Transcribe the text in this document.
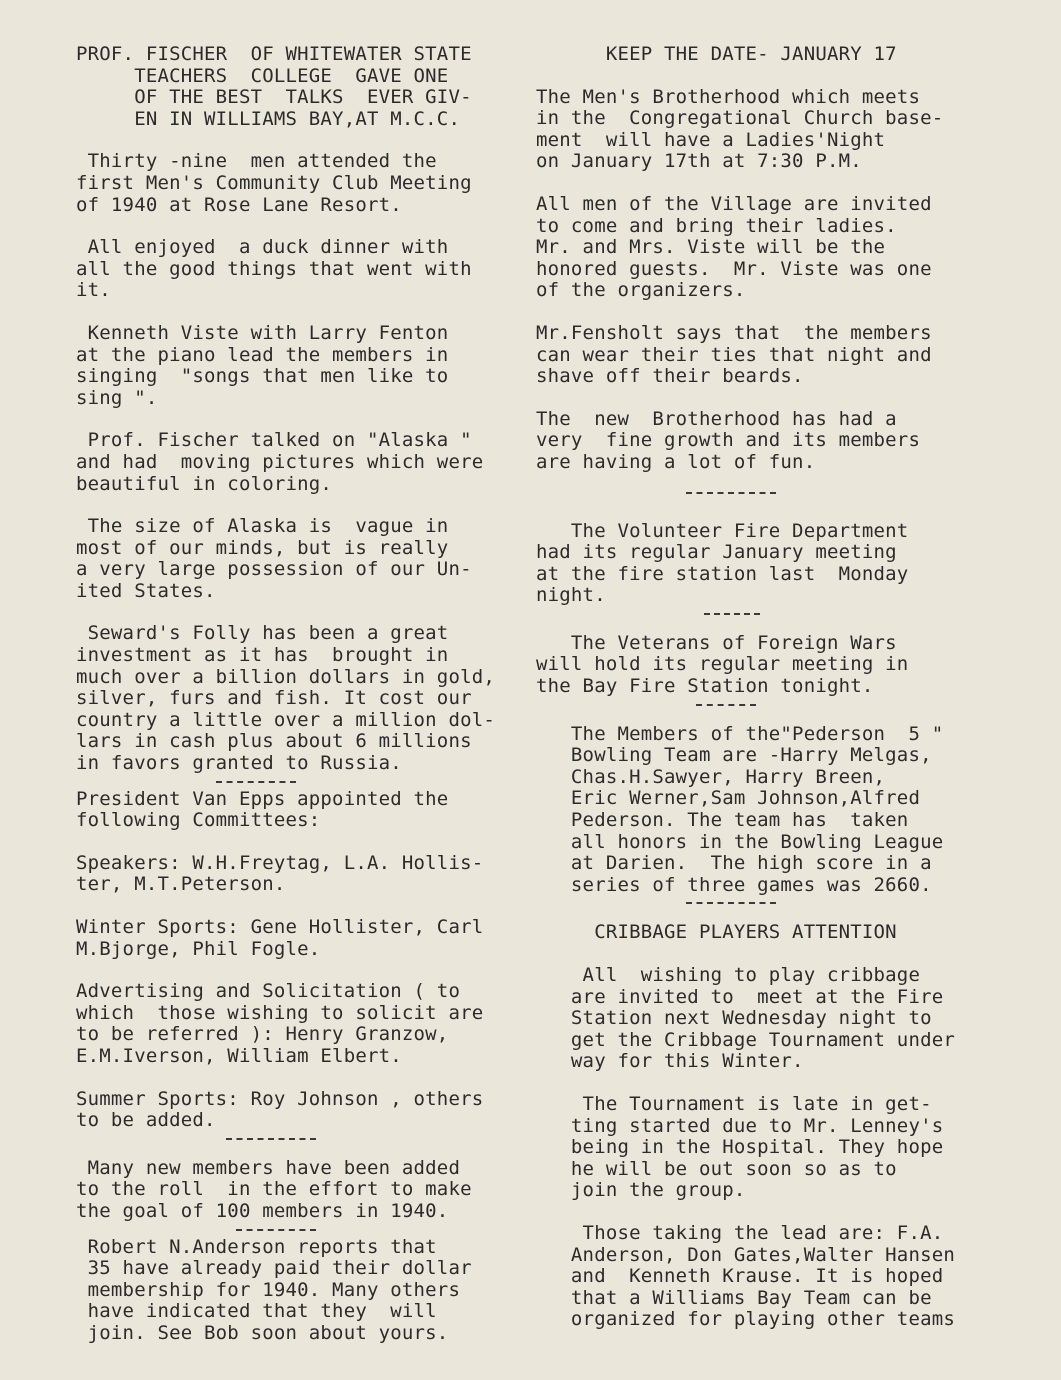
PROF. FISCHER  OF WHITEWATER STATE

TEACHERS  COLLEGE  GAVE ONE

OF THE BEST  TALKS  EVER GIV-

EN IN WILLIAMS BAY,AT M.C.C.

Thirty -nine  men attended the

first Men's Community Club Meeting

of 1940 at Rose Lane Resort.

All enjoyed  a duck dinner with

all the good things that went with

it.

Kenneth Viste with Larry Fenton

at the piano lead the members in

singing  "songs that men like to

sing ".

Prof. Fischer talked on "Alaska "

and had  moving pictures which were

beautiful in coloring.

The size of Alaska is  vague in

most of our minds, but is really

a very large possession of our Un-

ited States.

Seward's Folly has been a great

investment as it has  brought in

much over a billion dollars in gold,

silver, furs and fish. It cost our

country a little over a million dol-

lars in cash plus about 6 millions

in favors granted to Russia.

President Van Epps appointed the

following Committees:

Speakers: W.H.Freytag, L.A. Hollis-

ter, M.T.Peterson.

Winter Sports: Gene Hollister, Carl

M.Bjorge, Phil Fogle.

Advertising and Solicitation ( to

which  those wishing to solicit are

to be referred ): Henry Granzow,

E.M.Iverson, William Elbert.

Summer Sports: Roy Johnson , others

to be added.

Many new members have been added

to the roll  in the effort to make

the goal of 100 members in 1940.

Robert N.Anderson reports that

35 have already paid their dollar

membership for 1940. Many others

have indicated that they  will

join. See Bob soon about yours.

KEEP THE DATE- JANUARY 17

The Men's Brotherhood which meets

in the  Congregational Church base-

ment  will have a Ladies'Night

on January 17th at 7:30 P.M.

All men of the Village are invited

to come and bring their ladies.

Mr. and Mrs. Viste will be the

honored guests.  Mr. Viste was one

of the organizers.

Mr.Fensholt says that  the members

can wear their ties that night and

shave off their beards.

The  new  Brotherhood has had a

very  fine growth and its members

are having a lot of fun.

The Volunteer Fire Department

had its regular January meeting

at the fire station last  Monday

night.

The Veterans of Foreign Wars

will hold its regular meeting in

the Bay Fire Station tonight.

The Members of the"Pederson  5 "

Bowling Team are -Harry Melgas,

Chas.H.Sawyer, Harry Breen,

Eric Werner,Sam Johnson,Alfred

Pederson. The team has  taken

all honors in the Bowling League

at Darien.  The high score in a

series of three games was 2660.

CRIBBAGE PLAYERS ATTENTION

All  wishing to play cribbage

are invited to  meet at the Fire

Station next Wednesday night to

get the Cribbage Tournament under

way for this Winter.

The Tournament is late in get-

ting started due to Mr. Lenney's

being in the Hospital. They hope

he will be out soon so as to

join the group.

Those taking the lead are: F.A.

Anderson, Don Gates,Walter Hansen

and  Kenneth Krause. It is hoped

that a Williams Bay Team can be

organized for playing other teams
